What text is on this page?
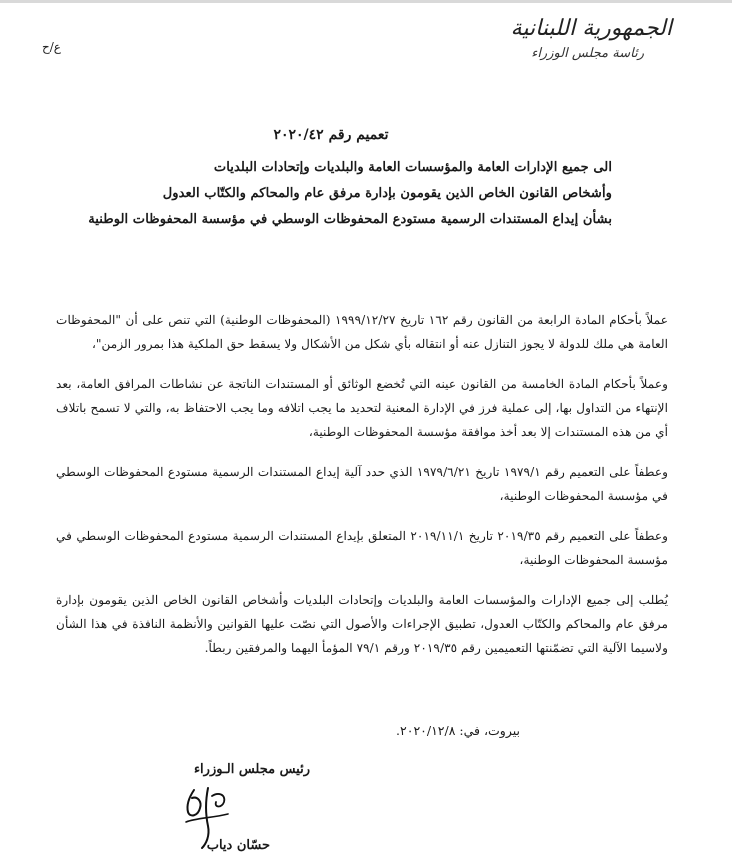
الجمهورية اللبنانية
رئاسة مجلس الوزراء
ع/ح
تعميم رقم ٢٠٢٠/٤٢
الى جميع الإدارات العامة والمؤسسات العامة والبلديات وإتحادات البلديات
وأشخاص القانون الخاص الذين يقومون بإدارة مرفق عام والمحاكم والكتّاب العدول
بشأن إيداع المستندات الرسمية مستودع المحفوظات الوسطي في مؤسسة المحفوظات الوطنية

عملاً بأحكام المادة الرابعة من القانون رقم ١٦٢ تاريخ ١٩٩٩/١٢/٢٧ (المحفوظات الوطنية) التي تنص على أن "المحفوظات العامة هي ملك للدولة لا يجوز التنازل عنه أو انتقاله بأي شكل من الأشكال ولا يسقط حق الملكية هذا بمرور الزمن"،

وعملاً بأحكام المادة الخامسة من القانون عينه التي تُخضع الوثائق أو المستندات الناتجة عن نشاطات المرافق العامة، بعد الإنتهاء من التداول بها، إلى عملية فرز في الإدارة المعنية لتحديد ما يجب اتلافه وما يجب الاحتفاظ به، والتي لا تسمح باتلاف أي من هذه المستندات إلا بعد أخذ موافقة مؤسسة المحفوظات الوطنية،

وعطفاً على التعميم رقم ١٩٧٩/١ تاريخ ١٩٧٩/٦/٢١ الذي حدد آلية إيداع المستندات الرسمية مستودع المحفوظات الوسطي في مؤسسة المحفوظات الوطنية،

وعطفاً على التعميم رقم ٢٠١٩/٣٥ تاريخ ٢٠١٩/١١/١ المتعلق بإيداع المستندات الرسمية مستودع المحفوظات الوسطي في مؤسسة المحفوظات الوطنية،

يُطلب إلى جميع الإدارات والمؤسسات العامة والبلديات وإتحادات البلديات وأشخاص القانون الخاص الذين يقومون بإدارة مرفق عام والمحاكم والكتّاب العدول، تطبيق الإجراءات والأصول التي نصّت عليها القوانين والأنظمة النافذة في هذا الشأن ولاسيما الآلية التي تضمّنتها التعميمين رقم ٢٠١٩/٣٥ ورقم ٧٩/١ المؤمأ اليهما والمرفقين ربطاً.

بيروت، في: ٢٠٢٠/١٢/٨.
رئيس مجلس الـوزراء
حسّان دياب
